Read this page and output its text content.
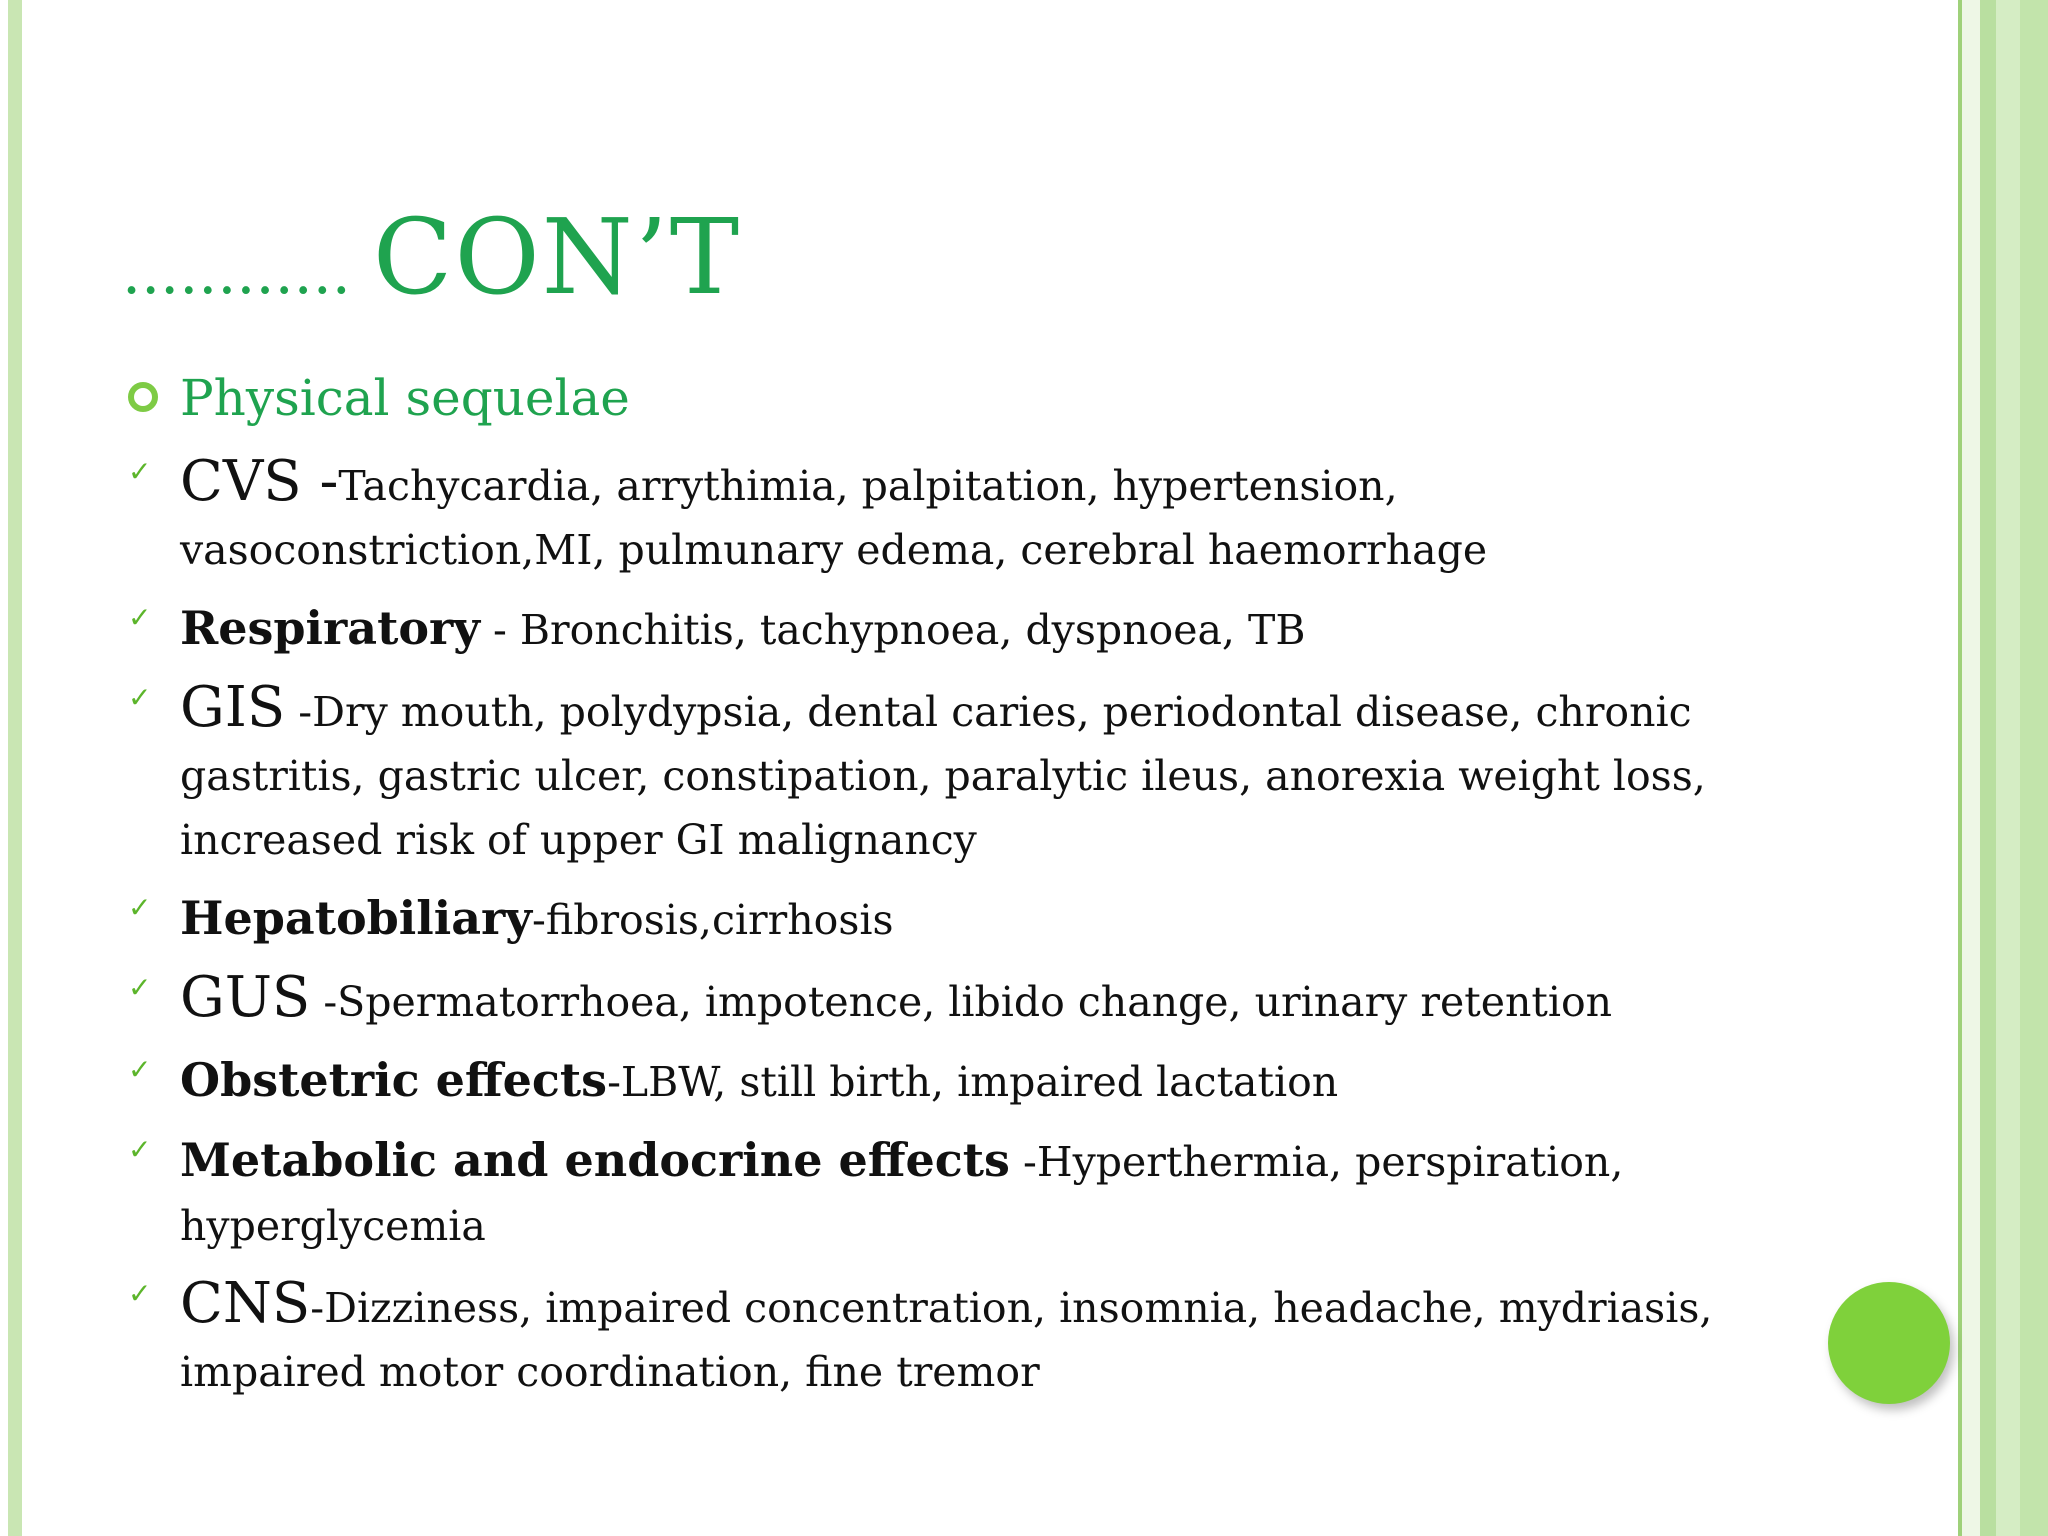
............ CON’T
Physical sequelae
✓ CVS -Tachycardia, arrythimia, palpitation, hypertension, vasoconstriction,MI, pulmunary edema, cerebral haemorrhage
✓ Respiratory - Bronchitis, tachypnoea, dyspnoea, TB
✓ GIS -Dry mouth, polydypsia, dental caries, periodontal disease, chronic gastritis, gastric ulcer, constipation, paralytic ileus, anorexia weight loss, increased risk of upper GI malignancy
✓ Hepatobiliary-fibrosis,cirrhosis
✓ GUS -Spermatorrhoea, impotence, libido change, urinary retention
✓ Obstetric effects-LBW, still birth, impaired lactation
✓ Metabolic and endocrine effects -Hyperthermia, perspiration, hyperglycemia
✓ CNS-Dizziness, impaired concentration, insomnia, headache, mydriasis, impaired motor coordination, fine tremor
